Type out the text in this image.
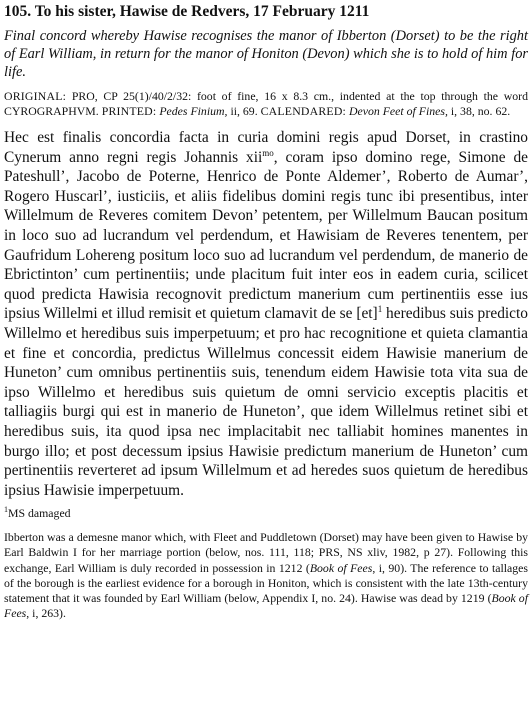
105. To his sister, Hawise de Redvers, 17 February 1211

Final concord whereby Hawise recognises the manor of Ibberton (Dorset) to be the right of Earl William, in return for the manor of Honiton (Devon) which she is to hold of him for life.

ORIGINAL: PRO, CP 25(1)/40/2/32: foot of fine, 16 x 8.3 cm., indented at the top through the word CYROGRAPHVM. PRINTED: Pedes Finium, ii, 69. CALENDARED: Devon Feet of Fines, i, 38, no. 62.

Hec est finalis concordia facta in curia domini regis apud Dorset, in crastino Cynerum anno regni regis Johannis xii$^{mo}$, coram ipso domino rege, Simone de Pateshull’, Jacobo de Poterne, Henrico de Ponte Aldemer’, Roberto de Aumar’, Rogero Huscarl’, iusticiis, et aliis fidelibus domini regis tunc ibi presentibus, inter Willelmum de Reveres comitem Devon’ petentem, per Willelmum Baucan positum in loco suo ad lucrandum vel perdendum, et Hawisiam de Reveres tenentem, per Gaufridum Lohereng positum loco suo ad lucrandum vel perdendum, de manerio de Ebrictinton’ cum pertinentiis; unde placitum fuit inter eos in eadem curia, scilicet quod predicta Hawisia recognovit predictum manerium cum pertinentiis esse ius ipsius Willelmi et illud remisit et quietum clamavit de se [et]$^1$ heredibus suis predicto Willelmo et heredibus suis imperpetuum; et pro hac recognitione et quieta clamantia et fine et concordia, predictus Willelmus concessit eidem Hawisie manerium de Huneton’ cum omnibus pertinentiis suis, tenendum eidem Hawisie tota vita sua de ipso Willelmo et heredibus suis quietum de omni servicio exceptis placitis et talliagiis burgi qui est in manerio de Huneton’, que idem Willelmus retinet sibi et heredibus suis, ita quod ipsa nec implacitabit nec talliabit homines manentes in burgo illo; et post decessum ipsius Hawisie predictum manerium de Huneton’ cum pertinentiis reverteret ad ipsum Willelmum et ad heredes suos quietum de heredibus ipsius Hawisie imperpetuum.

$^1$MS damaged

Ibberton was a demesne manor which, with Fleet and Puddletown (Dorset) may have been given to Hawise by Earl Baldwin I for her marriage portion (below, nos. 111, 118; PRS, NS xliv, 1982, p 27). Following this exchange, Earl William is duly recorded in possession in 1212 (Book of Fees, i, 90). The reference to tallages of the borough is the earliest evidence for a borough in Honiton, which is consistent with the late 13th-century statement that it was founded by Earl William (below, Appendix I, no. 24). Hawise was dead by 1219 (Book of Fees, i, 263).
